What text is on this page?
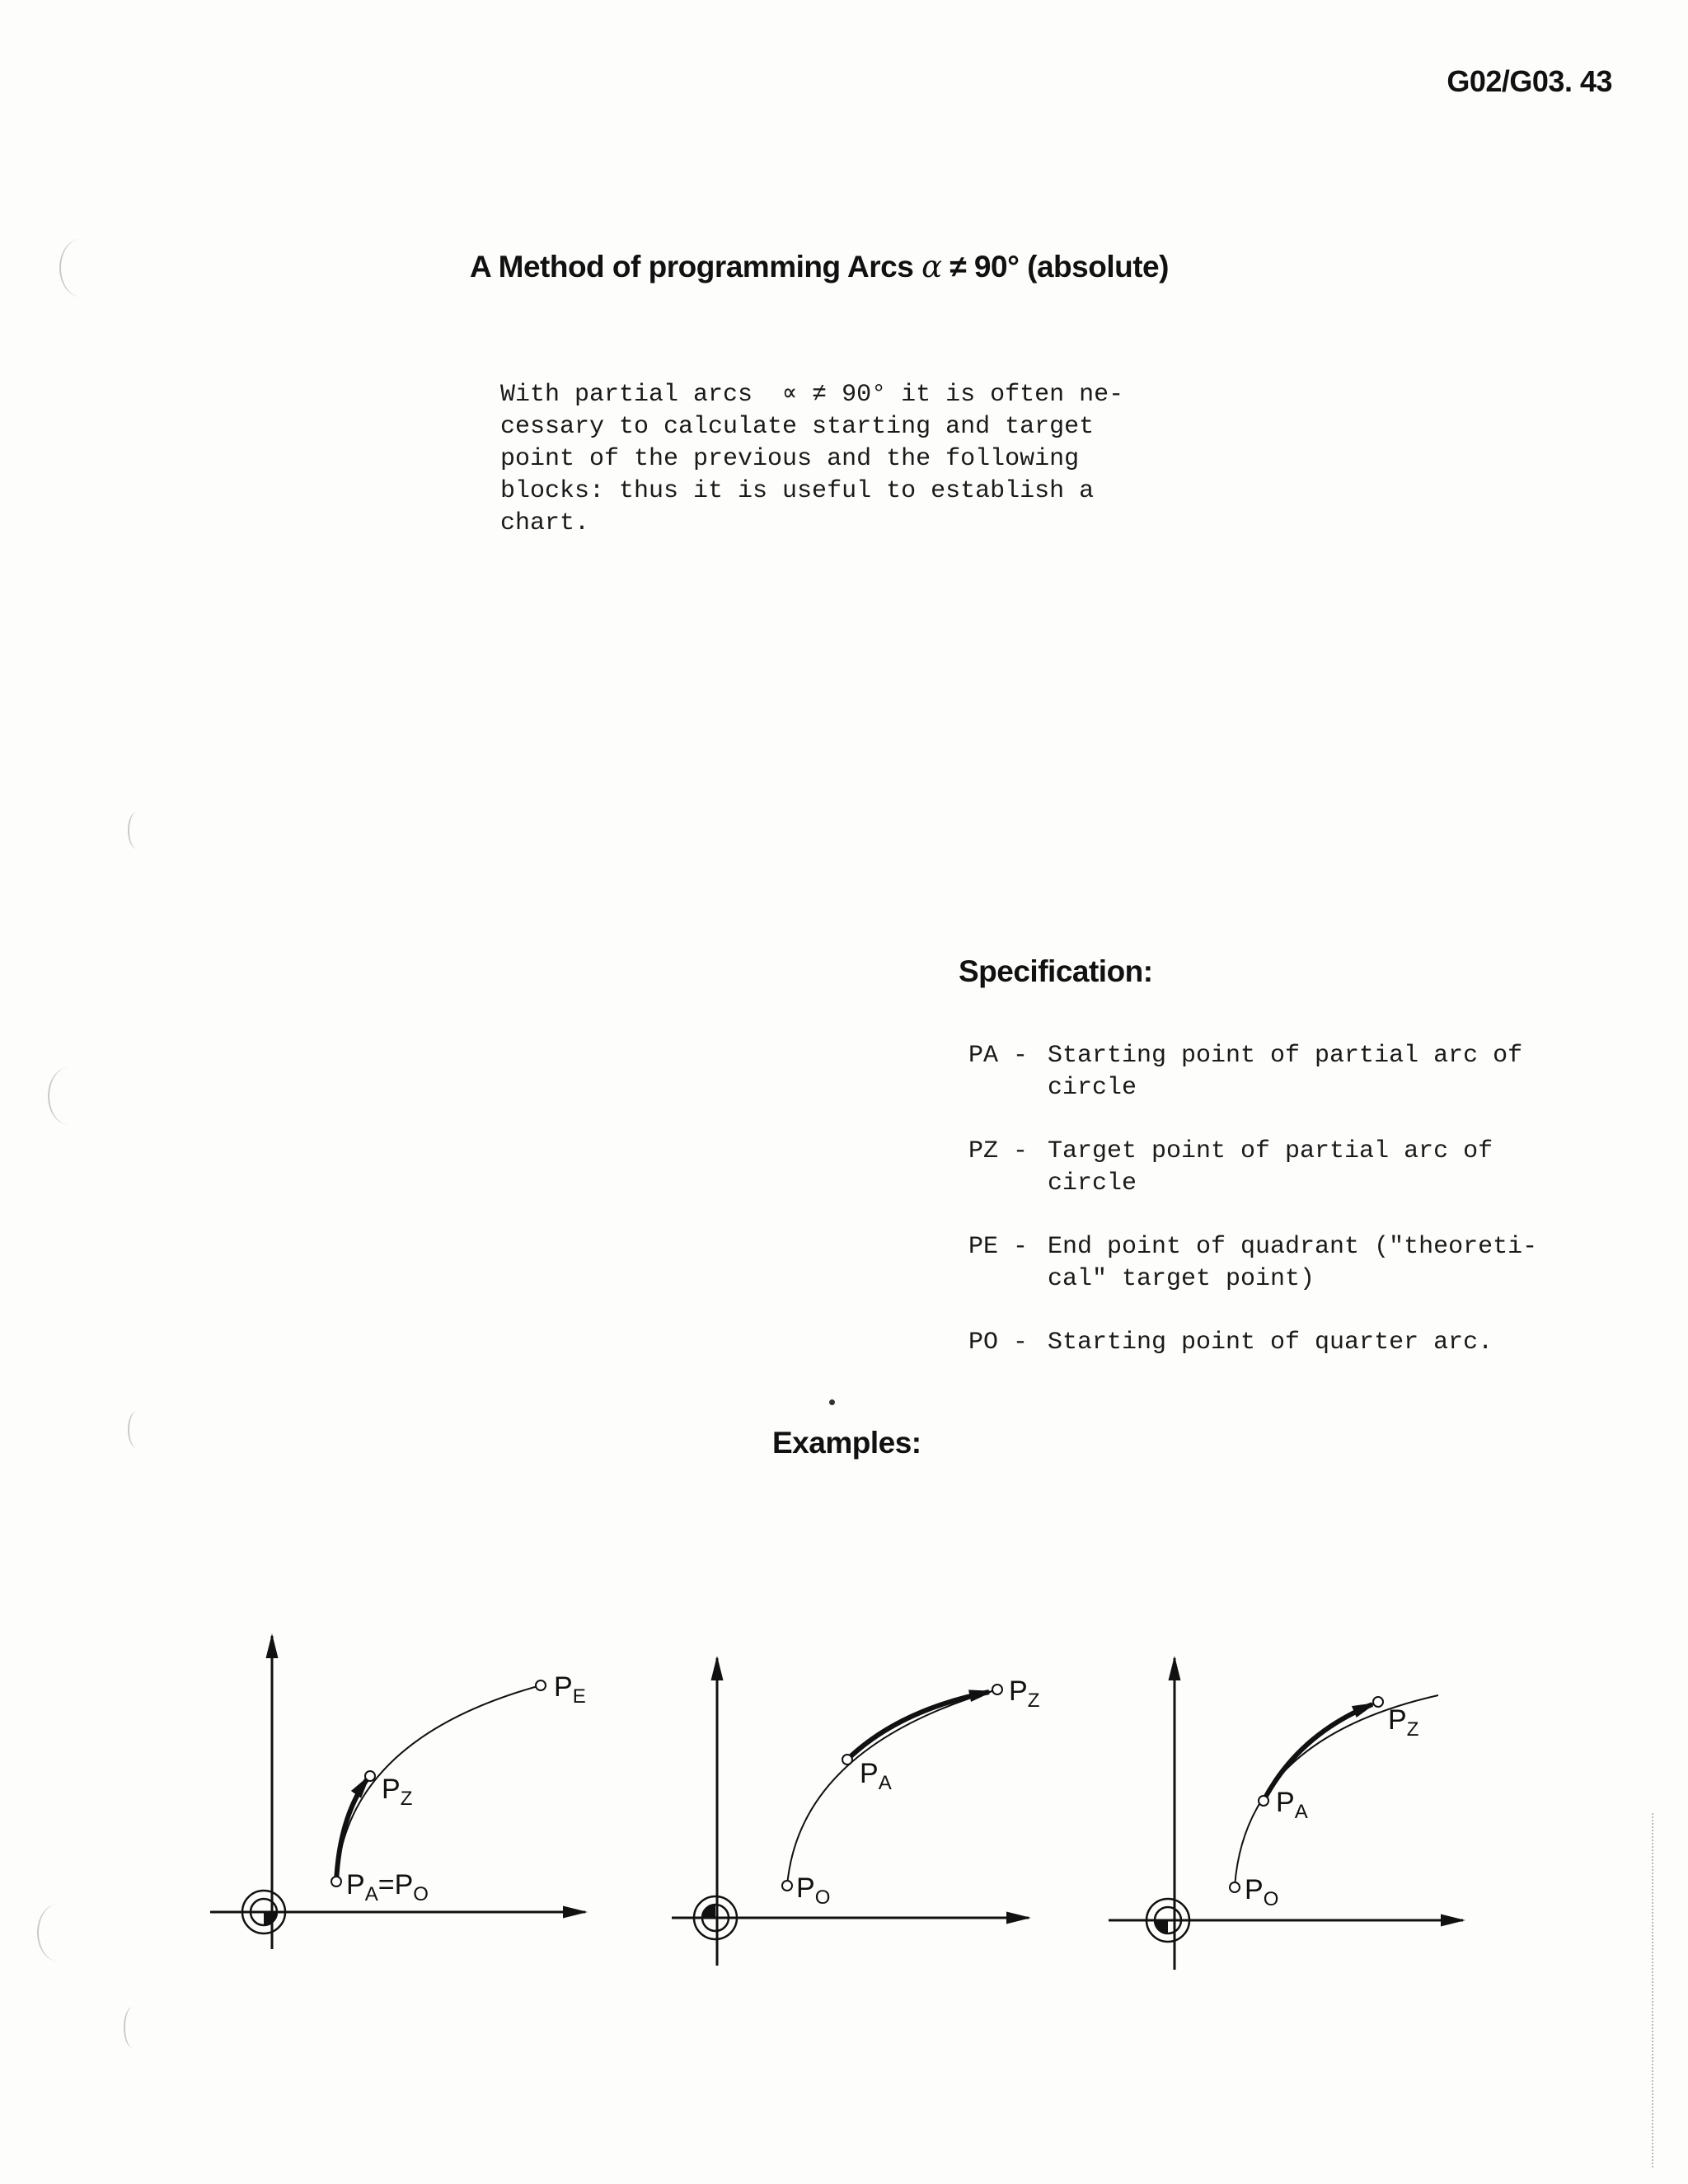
G02/G03. 43
A Method of programming Arcs α ≠ 90° (absolute)
With partial arcs  ∝ ≠ 90° it is often ne-
cessary to calculate starting and target
point of the previous and the following
blocks: thus it is useful to establish a
chart.
Specification:
PA - Starting point of partial arc of
circle
PZ - Target point of partial arc of
circle
PE - End point of quadrant ("theoreti-
cal" target point)
PO - Starting point of quarter arc.
Examples:
$P_A=P_O$
$P_Z$
$P_E$
$P_O$
$P_A$
$P_Z$
$P_O$
$P_A$
$P_Z$
